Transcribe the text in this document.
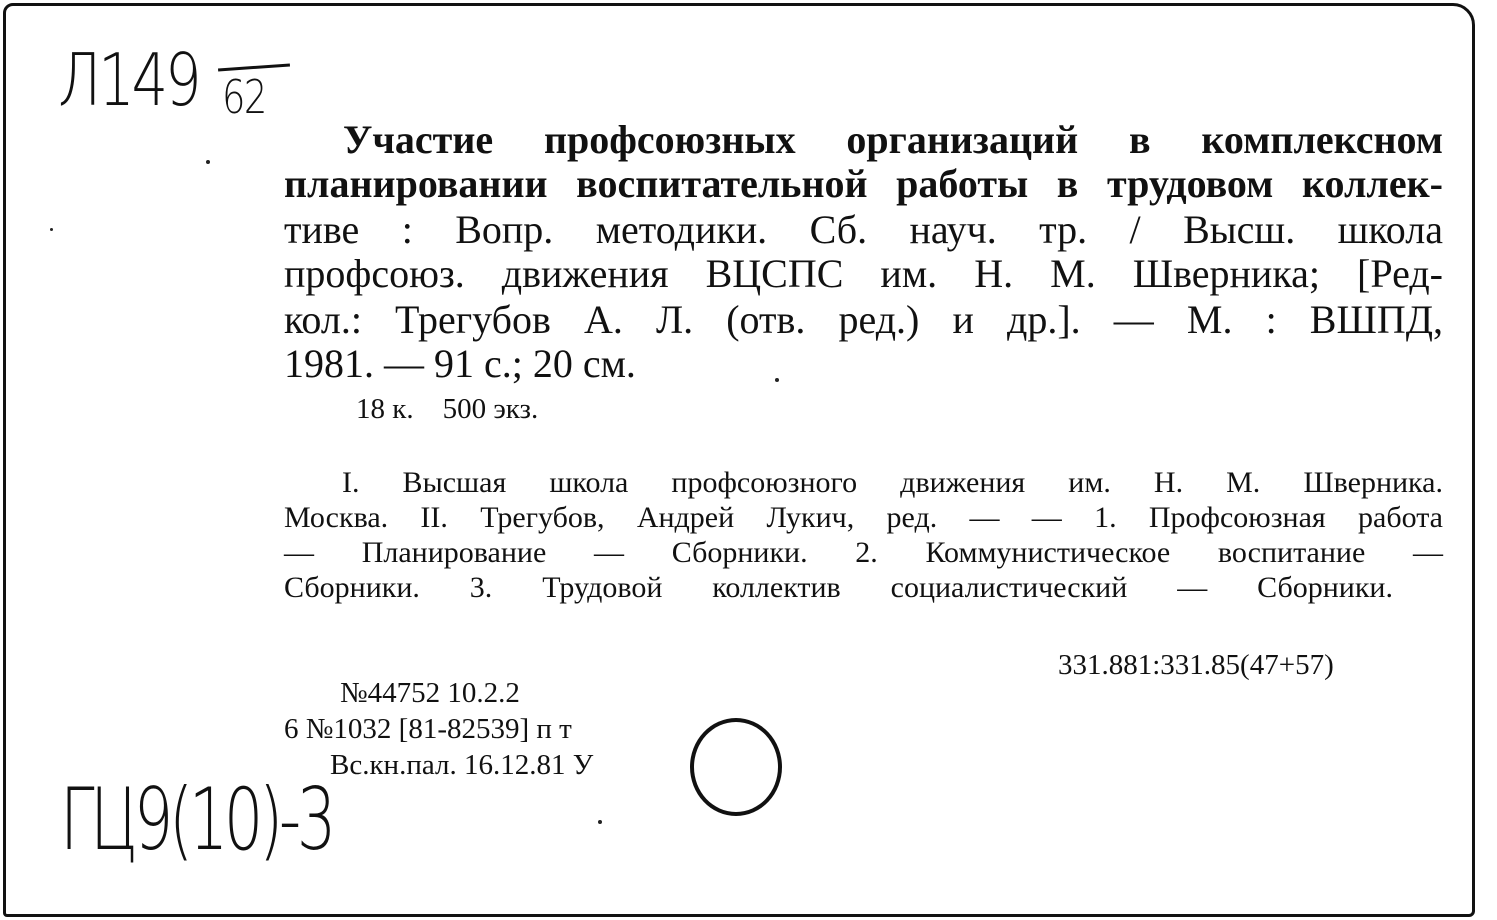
Л149 62
Участие профсоюзных организаций в комплексном
планировании воспитательной работы в трудовом коллек-
тиве : Вопр. методики. Сб. науч. тр. / Высш. школа
профсоюз. движения ВЦСПС им. Н. М. Шверника; [Ред-
кол.: Трегубов А. Л. (отв. ред.) и др.]. — М. : ВШПД,
1981. — 91 с.; 20 см.
18 к.    500 экз.
I. Высшая школа профсоюзного движения им. Н. М. Шверника.
Москва. II. Трегубов, Андрей Лукич, ред. — — 1. Профсоюзная работа
— Планирование — Сборники. 2. Коммунистическое воспитание —
Сборники. 3. Трудовой коллектив социалистический — Сборники.
331.881:331.85(47+57)
№44752 10.2.2
6 №1032 [81-82539] п т
Вс.кн.пал. 16.12.81 У
ГЦ9(10)-3
